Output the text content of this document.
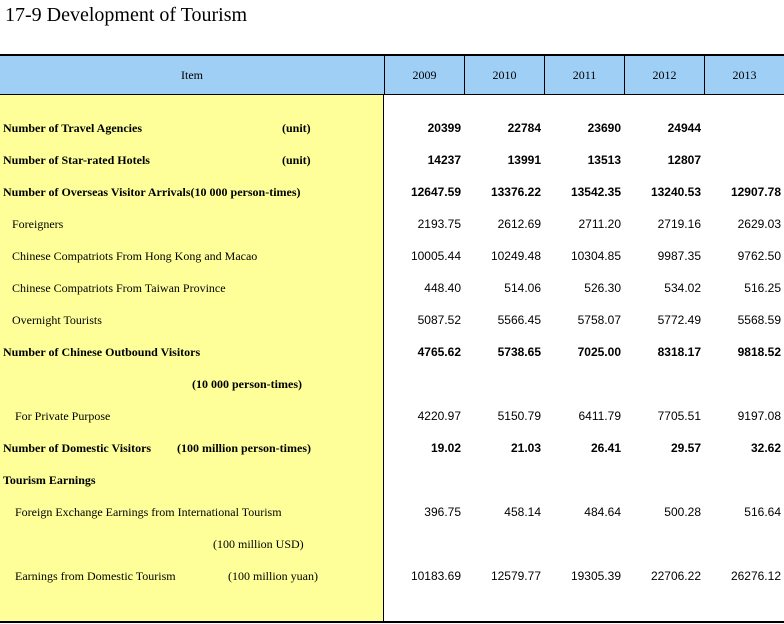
17-9 Development of Tourism
Item	2009	2010	2011	2012	2013
Number of Travel Agencies	(unit)	20399	22784	23690	24944
Number of Star-rated Hotels	(unit)	14237	13991	13513	12807
Number of Overseas Visitor Arrivals(10 000 person-times)	12647.59	13376.22	13542.35	13240.53	12907.78
Foreigners	2193.75	2612.69	2711.20	2719.16	2629.03
Chinese Compatriots From Hong Kong and Macao	10005.44	10249.48	10304.85	9987.35	9762.50
Chinese Compatriots From Taiwan Province	448.40	514.06	526.30	534.02	516.25
Overnight Tourists	5087.52	5566.45	5758.07	5772.49	5568.59
Number of Chinese Outbound Visitors	4765.62	5738.65	7025.00	8318.17	9818.52
(10 000 person-times)
For Private Purpose	4220.97	5150.79	6411.79	7705.51	9197.08
Number of Domestic Visitors (100 million person-times)	19.02	21.03	26.41	29.57	32.62
Tourism Earnings
Foreign Exchange Earnings from International Tourism	396.75	458.14	484.64	500.28	516.64
(100 million USD)
Earnings from Domestic Tourism	(100 million yuan)	10183.69	12579.77	19305.39	22706.22	26276.12
